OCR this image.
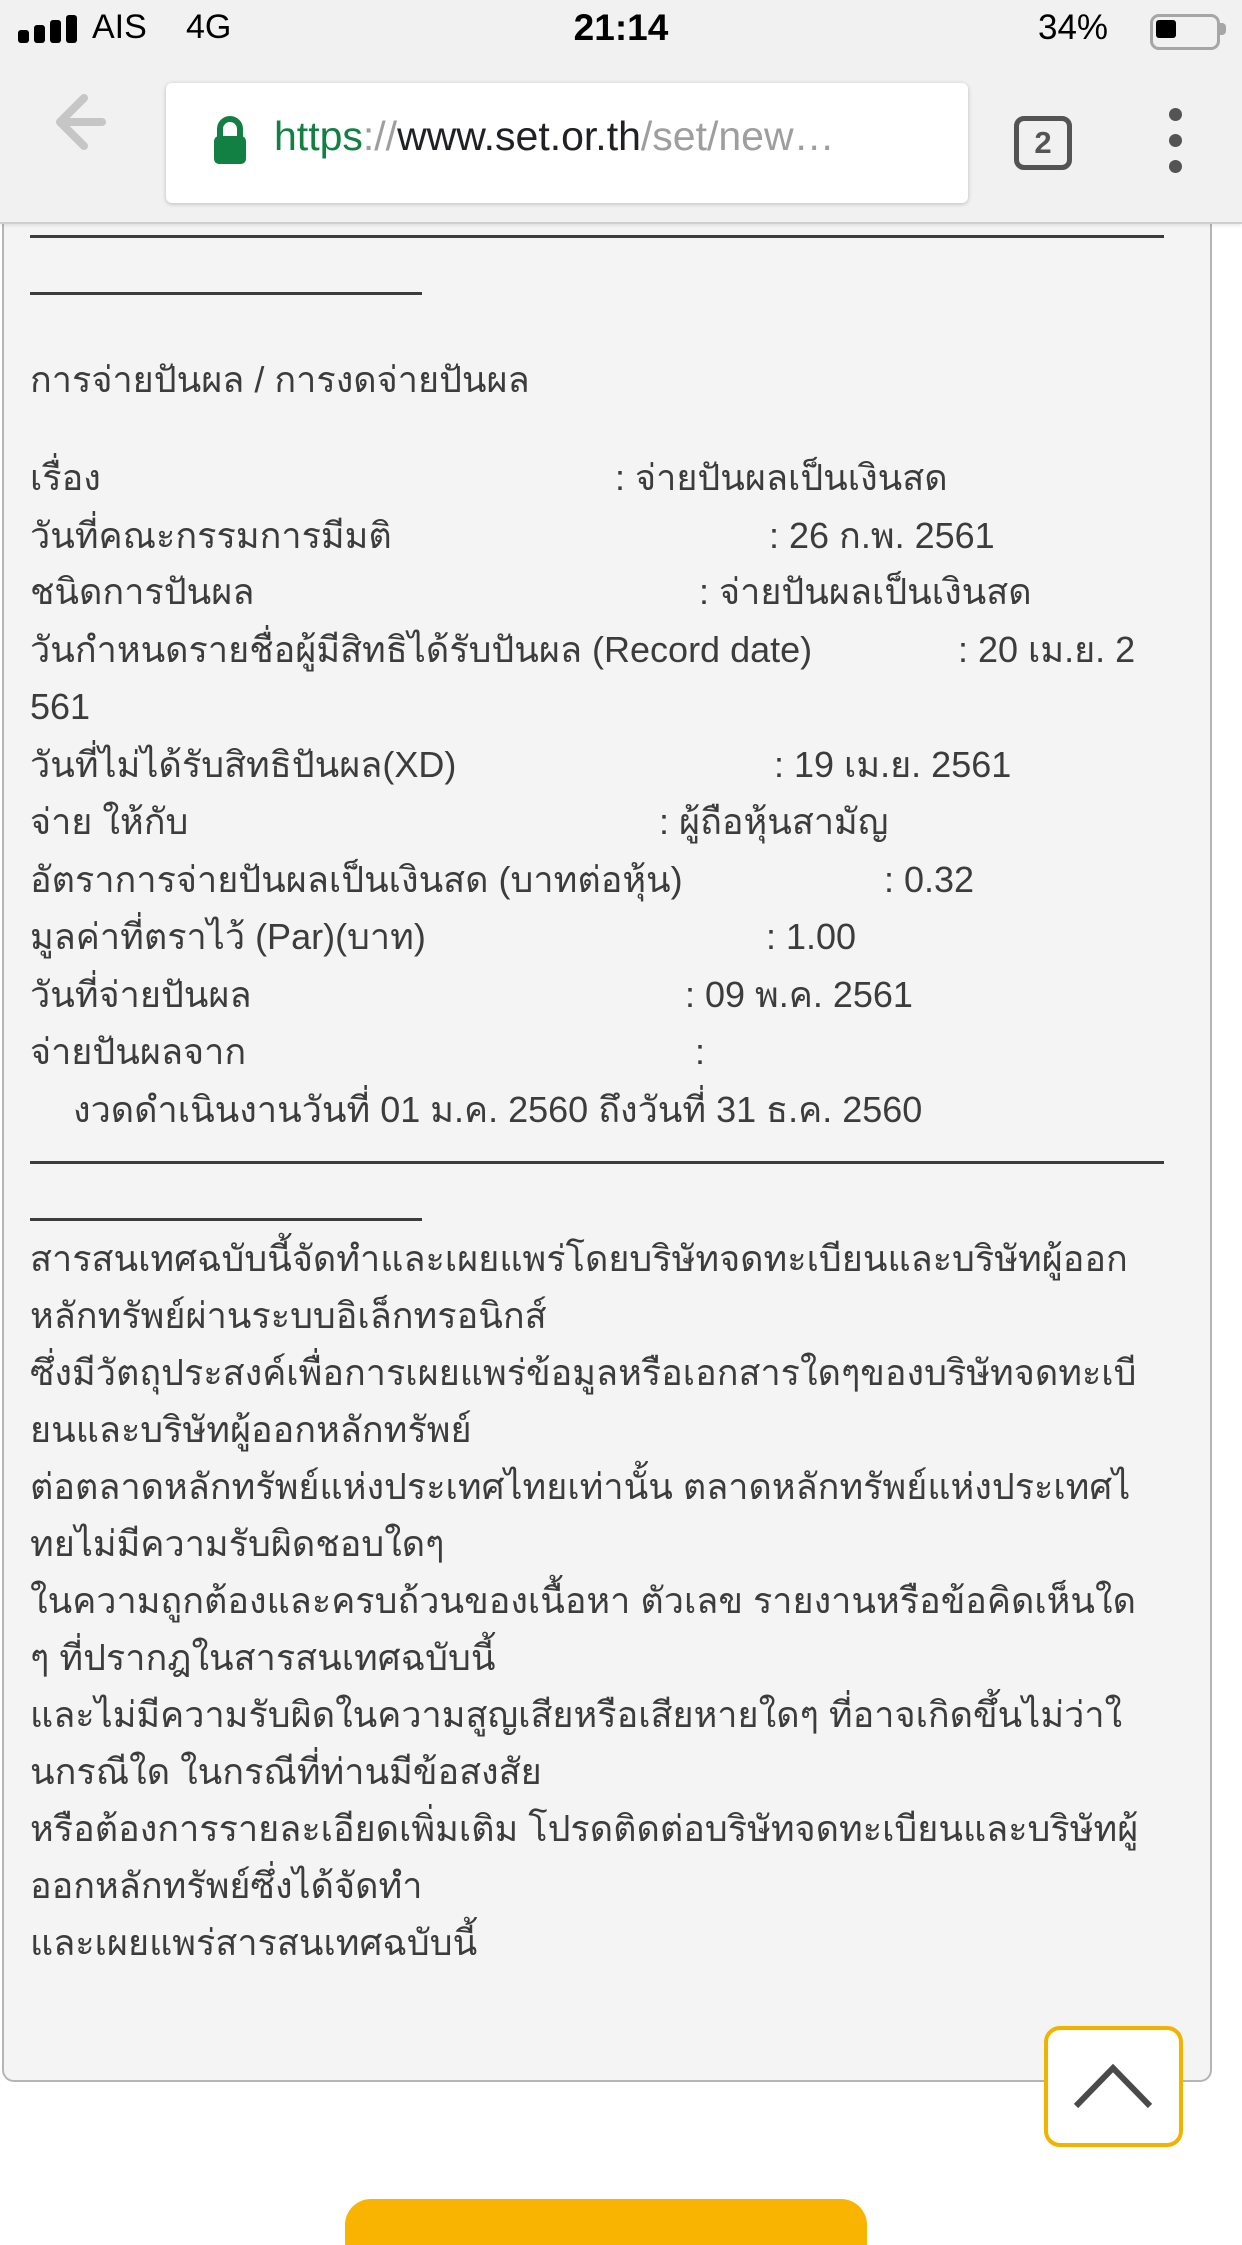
AIS 4G	21:14	34%
https://www.set.or.th/set/new…	2
การจ่ายปันผล / การงดจ่ายปันผล
เรื่อง	: จ่ายปันผลเป็นเงินสด
วันที่คณะกรรมการมีมติ	: 26 ก.พ. 2561
ชนิดการปันผล	: จ่ายปันผลเป็นเงินสด
วันกำหนดรายชื่อผู้มีสิทธิได้รับปันผล (Record date)	: 20 เม.ย. 2
561
วันที่ไม่ได้รับสิทธิปันผล(XD)	: 19 เม.ย. 2561
จ่าย ให้กับ	: ผู้ถือหุ้นสามัญ
อัตราการจ่ายปันผลเป็นเงินสด (บาทต่อหุ้น)	: 0.32
มูลค่าที่ตราไว้ (Par)(บาท)	: 1.00
วันที่จ่ายปันผล	: 09 พ.ค. 2561
จ่ายปันผลจาก	:
งวดดำเนินงานวันที่ 01 ม.ค. 2560 ถึงวันที่ 31 ธ.ค. 2560
สารสนเทศฉบับนี้จัดทำและเผยแพร่โดยบริษัทจดทะเบียนและบริษัทผู้ออก
หลักทรัพย์ผ่านระบบอิเล็กทรอนิกส์
ซึ่งมีวัตถุประสงค์เพื่อการเผยแพร่ข้อมูลหรือเอกสารใดๆของบริษัทจดทะเบี
ยนและบริษัทผู้ออกหลักทรัพย์
ต่อตลาดหลักทรัพย์แห่งประเทศไทยเท่านั้น ตลาดหลักทรัพย์แห่งประเทศไ
ทยไม่มีความรับผิดชอบใดๆ
ในความถูกต้องและครบถ้วนของเนื้อหา ตัวเลข รายงานหรือข้อคิดเห็นใด
ๆ ที่ปรากฎในสารสนเทศฉบับนี้
และไม่มีความรับผิดในความสูญเสียหรือเสียหายใดๆ ที่อาจเกิดขึ้นไม่ว่าใ
นกรณีใด ในกรณีที่ท่านมีข้อสงสัย
หรือต้องการรายละเอียดเพิ่มเติม โปรดติดต่อบริษัทจดทะเบียนและบริษัทผู้
ออกหลักทรัพย์ซึ่งได้จัดทำ
และเผยแพร่สารสนเทศฉบับนี้
